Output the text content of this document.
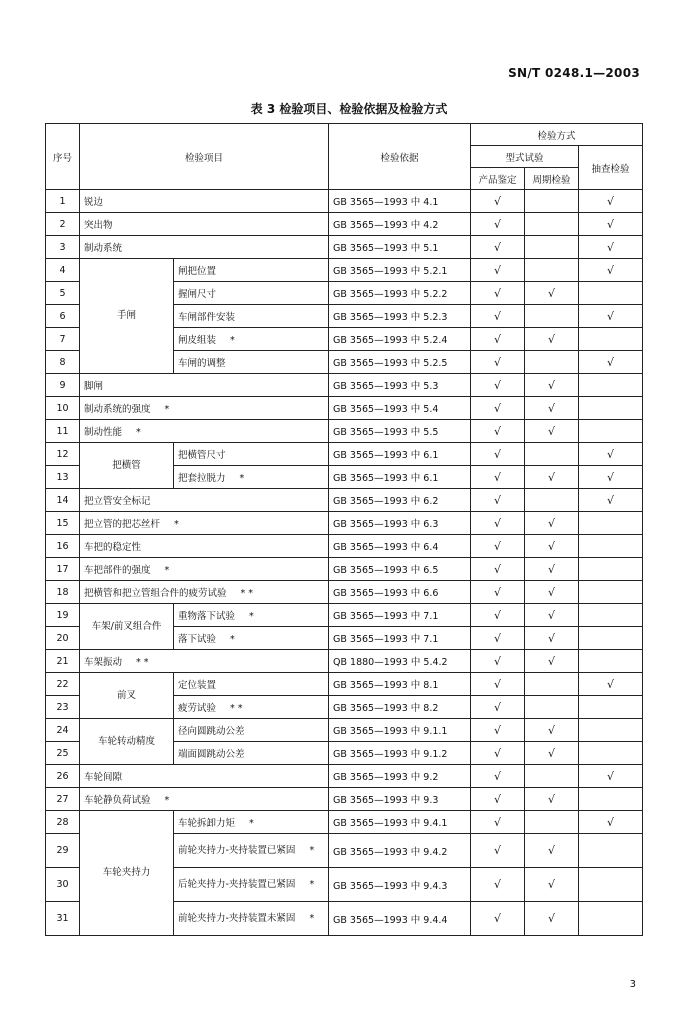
SN/T 0248.1—2003
表 3 检验项目、检验依据及检验方式
序号	检验项目		检验依据	检验方式		
				型式试验		抽查检验
				产品鉴定	周期检验	
1	锐边		GB 3565—1993 中 4.1	√		√
2	突出物		GB 3565—1993 中 4.2	√		√
3	制动系统		GB 3565—1993 中 5.1	√		√
4	手闸	闸把位置	GB 3565—1993 中 5.2.1	√		√
5		握闸尺寸	GB 3565—1993 中 5.2.2	√	√	
6		车闸部件安装	GB 3565—1993 中 5.2.3	√		√
7		闸皮组装 *	GB 3565—1993 中 5.2.4	√	√	
8		车闸的调整	GB 3565—1993 中 5.2.5	√		√
9	脚闸		GB 3565—1993 中 5.3	√	√	
10	制动系统的强度 *		GB 3565—1993 中 5.4	√	√	
11	制动性能 *		GB 3565—1993 中 5.5	√	√	
12	把横管	把横管尺寸	GB 3565—1993 中 6.1	√		√
13		把套拉脱力 *	GB 3565—1993 中 6.1	√	√	√
14	把立管安全标记		GB 3565—1993 中 6.2	√		√
15	把立管的把芯丝杆 *		GB 3565—1993 中 6.3	√	√	
16	车把的稳定性		GB 3565—1993 中 6.4	√	√	
17	车把部件的强度 *		GB 3565—1993 中 6.5	√	√	
18	把横管和把立管组合件的疲劳试验 * *		GB 3565—1993 中 6.6	√	√	
19	车架/前叉组合件	重物落下试验 *	GB 3565—1993 中 7.1	√	√	
20		落下试验 *	GB 3565—1993 中 7.1	√	√	
21	车架振动 * *		QB 1880—1993 中 5.4.2	√	√	
22	前叉	定位装置	GB 3565—1993 中 8.1	√		√
23		疲劳试验 * *	GB 3565—1993 中 8.2	√		
24	车轮转动精度	径向圆跳动公差	GB 3565—1993 中 9.1.1	√	√	
25		端面圆跳动公差	GB 3565—1993 中 9.1.2	√	√	
26	车轮间隙		GB 3565—1993 中 9.2	√		√
27	车轮静负荷试验 *		GB 3565—1993 中 9.3	√	√	
28	车轮夹持力	车轮拆卸力矩 *	GB 3565—1993 中 9.4.1	√		√
29		前轮夹持力-夹持装置已紧固 *	GB 3565—1993 中 9.4.2	√	√	
30		后轮夹持力-夹持装置已紧固 *	GB 3565—1993 中 9.4.3	√	√	
31		前轮夹持力-夹持装置未紧固 *	GB 3565—1993 中 9.4.4	√	√	
3
